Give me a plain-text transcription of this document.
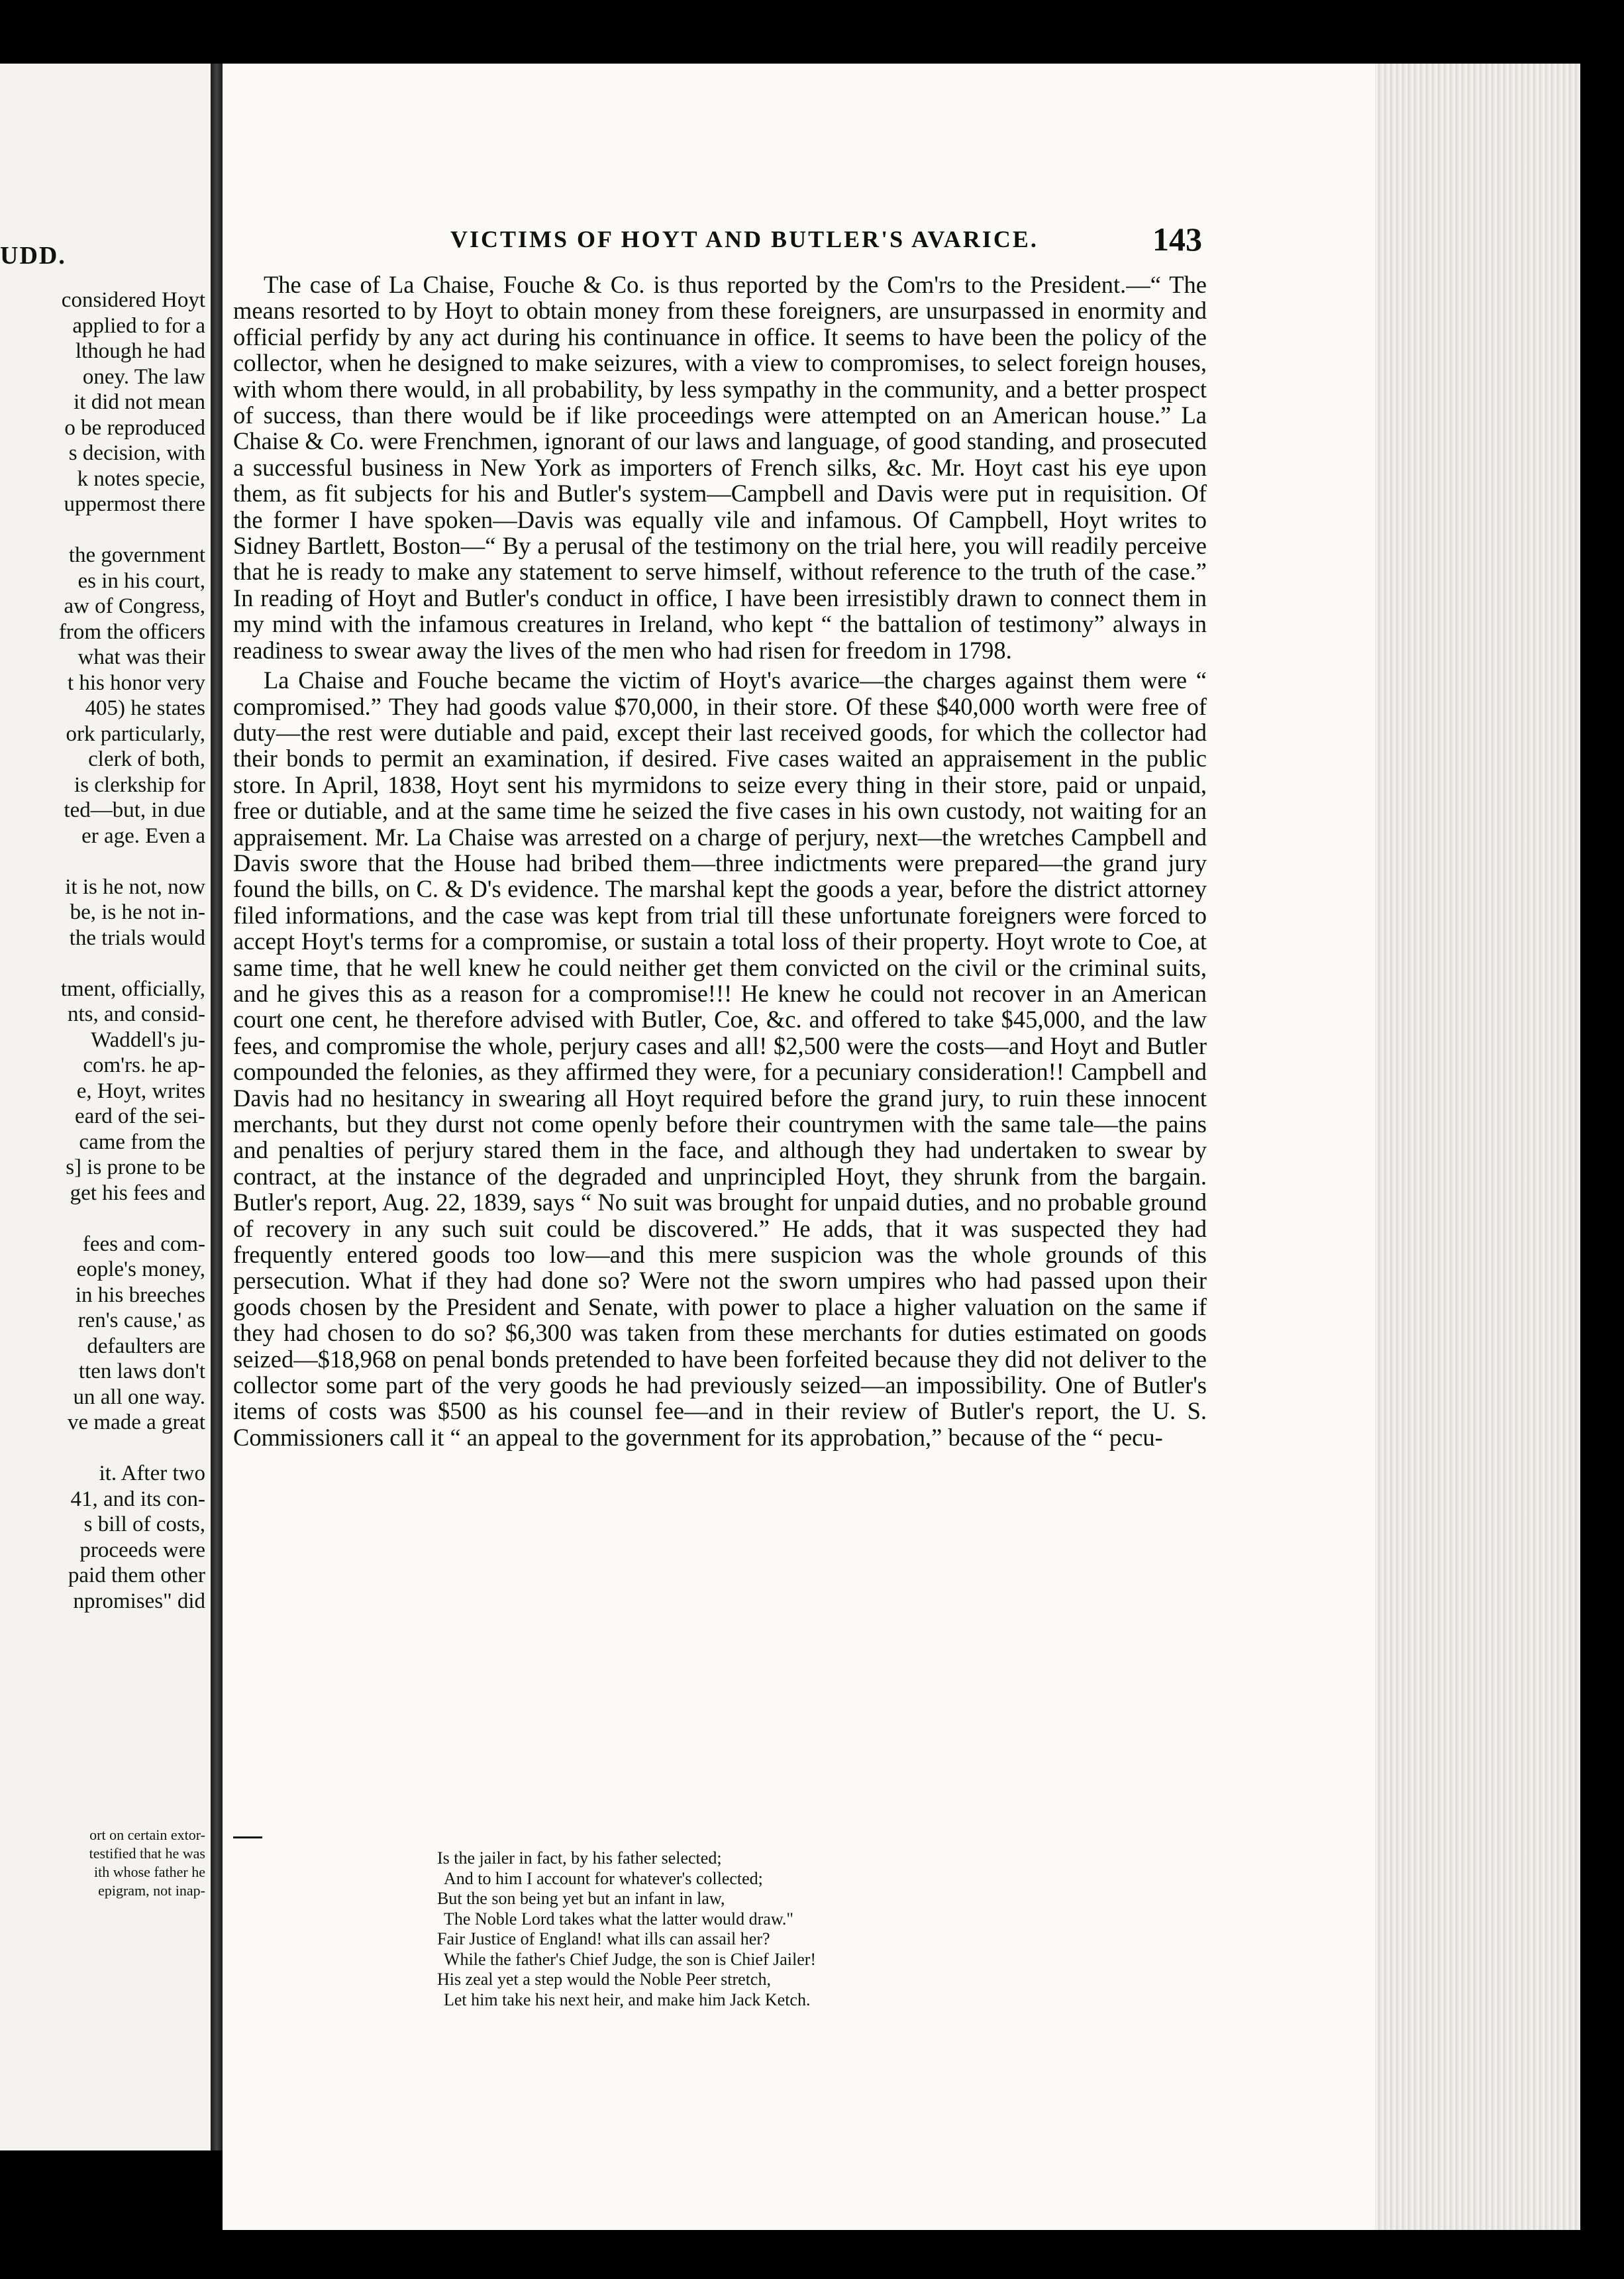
UDD.
considered Hoyt
applied to for a
lthough he had
oney. The law
it did not mean
o be reproduced
s decision, with
k notes specie,
uppermost there
the government
es in his court,
aw of Congress,
from the officers
what was their
t his honor very
405) he states
ork particularly,
clerk of both,
is clerkship for
ted—but, in due
er age. Even a
it is he not, now
be, is he not in-
the trials would
tment, officially,
nts, and consid-
Waddell's ju-
com'rs. he ap-
e, Hoyt, writes
eard of the sei-
came from the
s] is prone to be
get his fees and
fees and com-
eople's money,
in his breeches
ren's cause,' as
defaulters are
tten laws don't
un all one way.
ve made a great
it. After two
41, and its con-
s bill of costs,
proceeds were
paid them other
npromises" did
ort on certain extor-
testified that he was
ith whose father he
epigram, not inap-
VICTIMS OF HOYT AND BUTLER'S AVARICE.	143

The case of La Chaise, Fouche & Co. is thus reported by the Com'rs to the President.—“ The means resorted to by Hoyt to obtain money from these foreigners, are unsurpassed in enormity and official perfidy by any act during his continuance in office. It seems to have been the policy of the collector, when he designed to make seizures, with a view to compromises, to select foreign houses, with whom there would, in all probability, by less sympathy in the community, and a better prospect of success, than there would be if like proceedings were attempted on an American house.” La Chaise & Co. were Frenchmen, ignorant of our laws and language, of good standing, and prosecuted a successful business in New York as importers of French silks, &c. Mr. Hoyt cast his eye upon them, as fit subjects for his and Butler's system—Campbell and Davis were put in requisition. Of the former I have spoken—Davis was equally vile and infamous. Of Campbell, Hoyt writes to Sidney Bartlett, Boston—“ By a perusal of the testimony on the trial here, you will readily perceive that he is ready to make any statement to serve himself, without reference to the truth of the case.” In reading of Hoyt and Butler's conduct in office, I have been irresistibly drawn to connect them in my mind with the infamous creatures in Ireland, who kept “ the battalion of testimony” always in readiness to swear away the lives of the men who had risen for freedom in 1798.

La Chaise and Fouche became the victim of Hoyt's avarice—the charges against them were “ compromised.” They had goods value $70,000, in their store. Of these $40,000 worth were free of duty—the rest were dutiable and paid, except their last received goods, for which the collector had their bonds to permit an examination, if desired. Five cases waited an appraisement in the public store. In April, 1838, Hoyt sent his myrmidons to seize every thing in their store, paid or unpaid, free or dutiable, and at the same time he seized the five cases in his own custody, not waiting for an appraisement. Mr. La Chaise was arrested on a charge of perjury, next—the wretches Campbell and Davis swore that the House had bribed them—three indictments were prepared—the grand jury found the bills, on C. & D's evidence. The marshal kept the goods a year, before the district attorney filed informations, and the case was kept from trial till these unfortunate foreigners were forced to accept Hoyt's terms for a compromise, or sustain a total loss of their property. Hoyt wrote to Coe, at same time, that he well knew he could neither get them convicted on the civil or the criminal suits, and he gives this as a reason for a compromise!!! He knew he could not recover in an American court one cent, he therefore advised with Butler, Coe, &c. and offered to take $45,000, and the law fees, and compromise the whole, perjury cases and all! $2,500 were the costs—and Hoyt and Butler compounded the felonies, as they affirmed they were, for a pecuniary consideration!! Campbell and Davis had no hesitancy in swearing all Hoyt required before the grand jury, to ruin these innocent merchants, but they durst not come openly before their countrymen with the same tale—the pains and penalties of perjury stared them in the face, and although they had undertaken to swear by contract, at the instance of the degraded and unprincipled Hoyt, they shrunk from the bargain. Butler's report, Aug. 22, 1839, says “ No suit was brought for unpaid duties, and no probable ground of recovery in any such suit could be discovered.” He adds, that it was suspected they had frequently entered goods too low—and this mere suspicion was the whole grounds of this persecution. What if they had done so? Were not the sworn umpires who had passed upon their goods chosen by the President and Senate, with power to place a higher valuation on the same if they had chosen to do so? $6,300 was taken from these merchants for duties estimated on goods seized—$18,968 on penal bonds pretended to have been forfeited because they did not deliver to the collector some part of the very goods he had previously seized—an impossibility. One of Butler's items of costs was $500 as his counsel fee—and in their review of Butler's report, the U. S. Commissioners call it “ an appeal to the government for its approbation,” because of the “ pecu-

Is the jailer in fact, by his father selected;
And to him I account for whatever's collected;
But the son being yet but an infant in law,
The Noble Lord takes what the latter would draw."
Fair Justice of England! what ills can assail her?
While the father's Chief Judge, the son is Chief Jailer!
His zeal yet a step would the Noble Peer stretch,
Let him take his next heir, and make him Jack Ketch.
